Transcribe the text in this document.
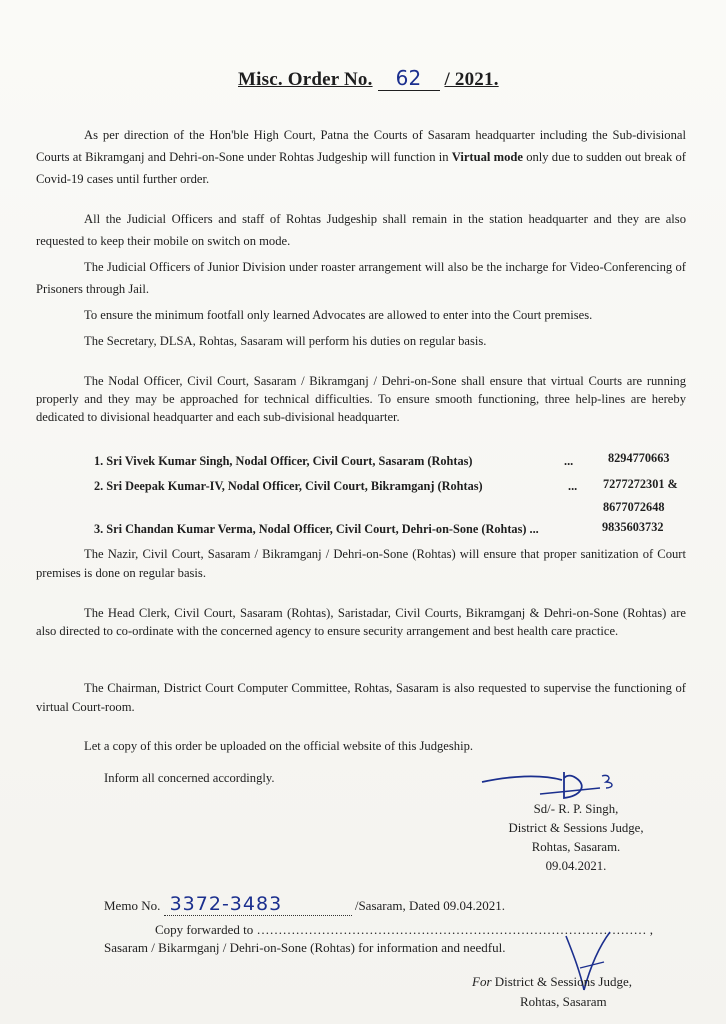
Misc. Order No. 62 / 2021.
As per direction of the Hon'ble High Court, Patna the Courts of Sasaram headquarter including the Sub-divisional Courts at Bikramganj and Dehri-on-Sone under Rohtas Judgeship will function in Virtual mode only due to sudden out break of Covid-19 cases until further order.
All the Judicial Officers and staff of Rohtas Judgeship shall remain in the station headquarter and they are also requested to keep their mobile on switch on mode.
The Judicial Officers of Junior Division under roaster arrangement will also be the incharge for Video-Conferencing of Prisoners through Jail.
To ensure the minimum footfall only learned Advocates are allowed to enter into the Court premises.
The Secretary, DLSA, Rohtas, Sasaram will perform his duties on regular basis.
The Nodal Officer, Civil Court, Sasaram / Bikramganj / Dehri-on-Sone shall ensure that virtual Courts are running properly and they may be approached for technical difficulties. To ensure smooth functioning, three help-lines are hereby dedicated to divisional headquarter and each sub-divisional headquarter.
1. Sri Vivek Kumar Singh, Nodal Officer, Civil Court, Sasaram (Rohtas)	...	8294770663
2. Sri Deepak Kumar-IV, Nodal Officer, Civil Court, Bikramganj (Rohtas)	... 7277272301 &
8677072648
3. Sri Chandan Kumar Verma, Nodal Officer, Civil Court, Dehri-on-Sone (Rohtas) ...	9835603732
The Nazir, Civil Court, Sasaram / Bikramganj / Dehri-on-Sone (Rohtas) will ensure that proper sanitization of Court premises is done on regular basis.
The Head Clerk, Civil Court, Sasaram (Rohtas), Saristadar, Civil Courts, Bikramganj & Dehri-on-Sone (Rohtas) are also directed to co-ordinate with the concerned agency to ensure security arrangement and best health care practice.
The Chairman, District Court Computer Committee, Rohtas, Sasaram is also requested to supervise the functioning of virtual Court-room.
Let a copy of this order be uploaded on the official website of this Judgeship.
Inform all concerned accordingly.
Sd/- R. P. Singh,
District & Sessions Judge,
Rohtas, Sasaram.
09.04.2021.
Memo No. 3372-3483	/Sasaram, Dated 09.04.2021.
Copy forwarded to ……………………………………………………………………………… ,
Sasaram / Bikarmganj / Dehri-on-Sone (Rohtas) for information and needful.
For District & Sessions Judge,
Rohtas, Sasaram
